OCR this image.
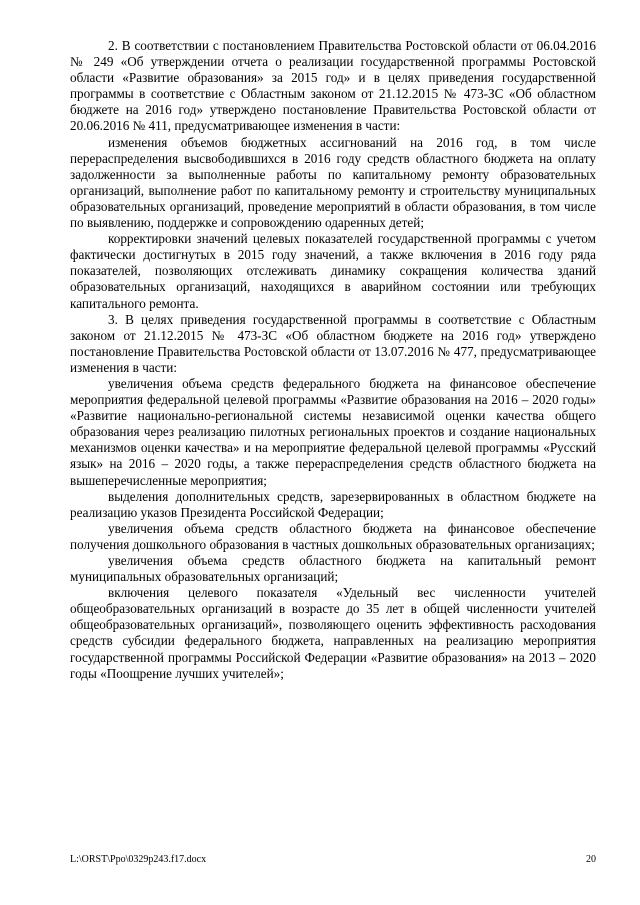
2. В соответствии с постановлением Правительства Ростовской области от 06.04.2016 № 249 «Об утверждении отчета о реализации государственной программы Ростовской области «Развитие образования» за 2015 год» и в целях приведения государственной программы в соответствие с Областным законом от 21.12.2015 № 473-ЗС «Об областном бюджете на 2016 год» утверждено постановление Правительства Ростовской области от 20.06.2016 № 411, предусматривающее изменения в части:

изменения объемов бюджетных ассигнований на 2016 год, в том числе перераспределения высвободившихся в 2016 году средств областного бюджета на оплату задолженности за выполненные работы по капитальному ремонту образовательных организаций, выполнение работ по капитальному ремонту и строительству муниципальных образовательных организаций, проведение мероприятий в области образования, в том числе по выявлению, поддержке и сопровождению одаренных детей;

корректировки значений целевых показателей государственной программы с учетом фактически достигнутых в 2015 году значений, а также включения в 2016 году ряда показателей, позволяющих отслеживать динамику сокращения количества зданий образовательных организаций, находящихся в аварийном состоянии или требующих капитального ремонта.

3. В целях приведения государственной программы в соответствие с Областным законом от 21.12.2015 № 473-ЗС «Об областном бюджете на 2016 год» утверждено постановление Правительства Ростовской области от 13.07.2016 № 477, предусматривающее изменения в части:

увеличения объема средств федерального бюджета на финансовое обеспечение мероприятия федеральной целевой программы «Развитие образования на 2016 – 2020 годы» «Развитие национально-региональной системы независимой оценки качества общего образования через реализацию пилотных региональных проектов и создание национальных механизмов оценки качества» и на мероприятие федеральной целевой программы «Русский язык» на 2016 – 2020 годы, а также перераспределения средств областного бюджета на вышеперечисленные мероприятия;

выделения дополнительных средств, зарезервированных в областном бюджете на реализацию указов Президента Российской Федерации;

увеличения объема средств областного бюджета на финансовое обеспечение получения дошкольного образования в частных дошкольных образовательных организациях;

увеличения объема средств областного бюджета на капитальный ремонт муниципальных образовательных организаций;

включения целевого показателя «Удельный вес численности учителей общеобразовательных организаций в возрасте до 35 лет в общей численности учителей общеобразовательных организаций», позволяющего оценить эффективность расходования средств субсидии федерального бюджета, направленных на реализацию мероприятия государственной программы Российской Федерации «Развитие образования» на 2013 – 2020 годы «Поощрение лучших учителей»;

L:\ORST\Ppo\0329p243.f17.docx	20
